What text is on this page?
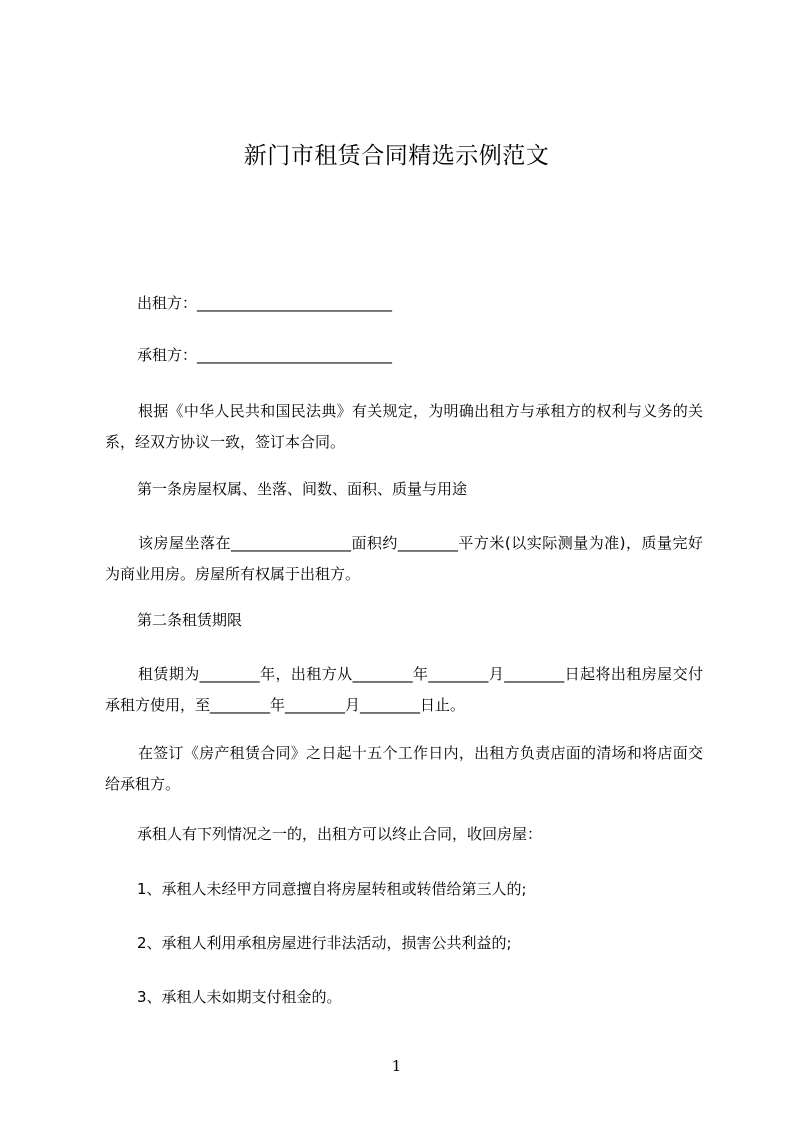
新门市租赁合同精选示例范文

出租方：__________________________

承租方：__________________________

根据《中华人民共和国民法典》有关规定，为明确出租方与承租方的权利与义务的关系，经双方协议一致，签订本合同。

第一条房屋权属、坐落、间数、面积、质量与用途

该房屋坐落在________________面积约________平方米(以实际测量为准)，质量完好为商业用房。房屋所有权属于出租方。

第二条租赁期限

租赁期为________年，出租方从________年________月________日起将出租房屋交付承租方使用，至________年________月________日止。

在签订《房产租赁合同》之日起十五个工作日内，出租方负责店面的清场和将店面交给承租方。

承租人有下列情况之一的，出租方可以终止合同，收回房屋：

1、承租人未经甲方同意擅自将房屋转租或转借给第三人的;

2、承租人利用承租房屋进行非法活动，损害公共利益的;

3、承租人未如期支付租金的。

1
